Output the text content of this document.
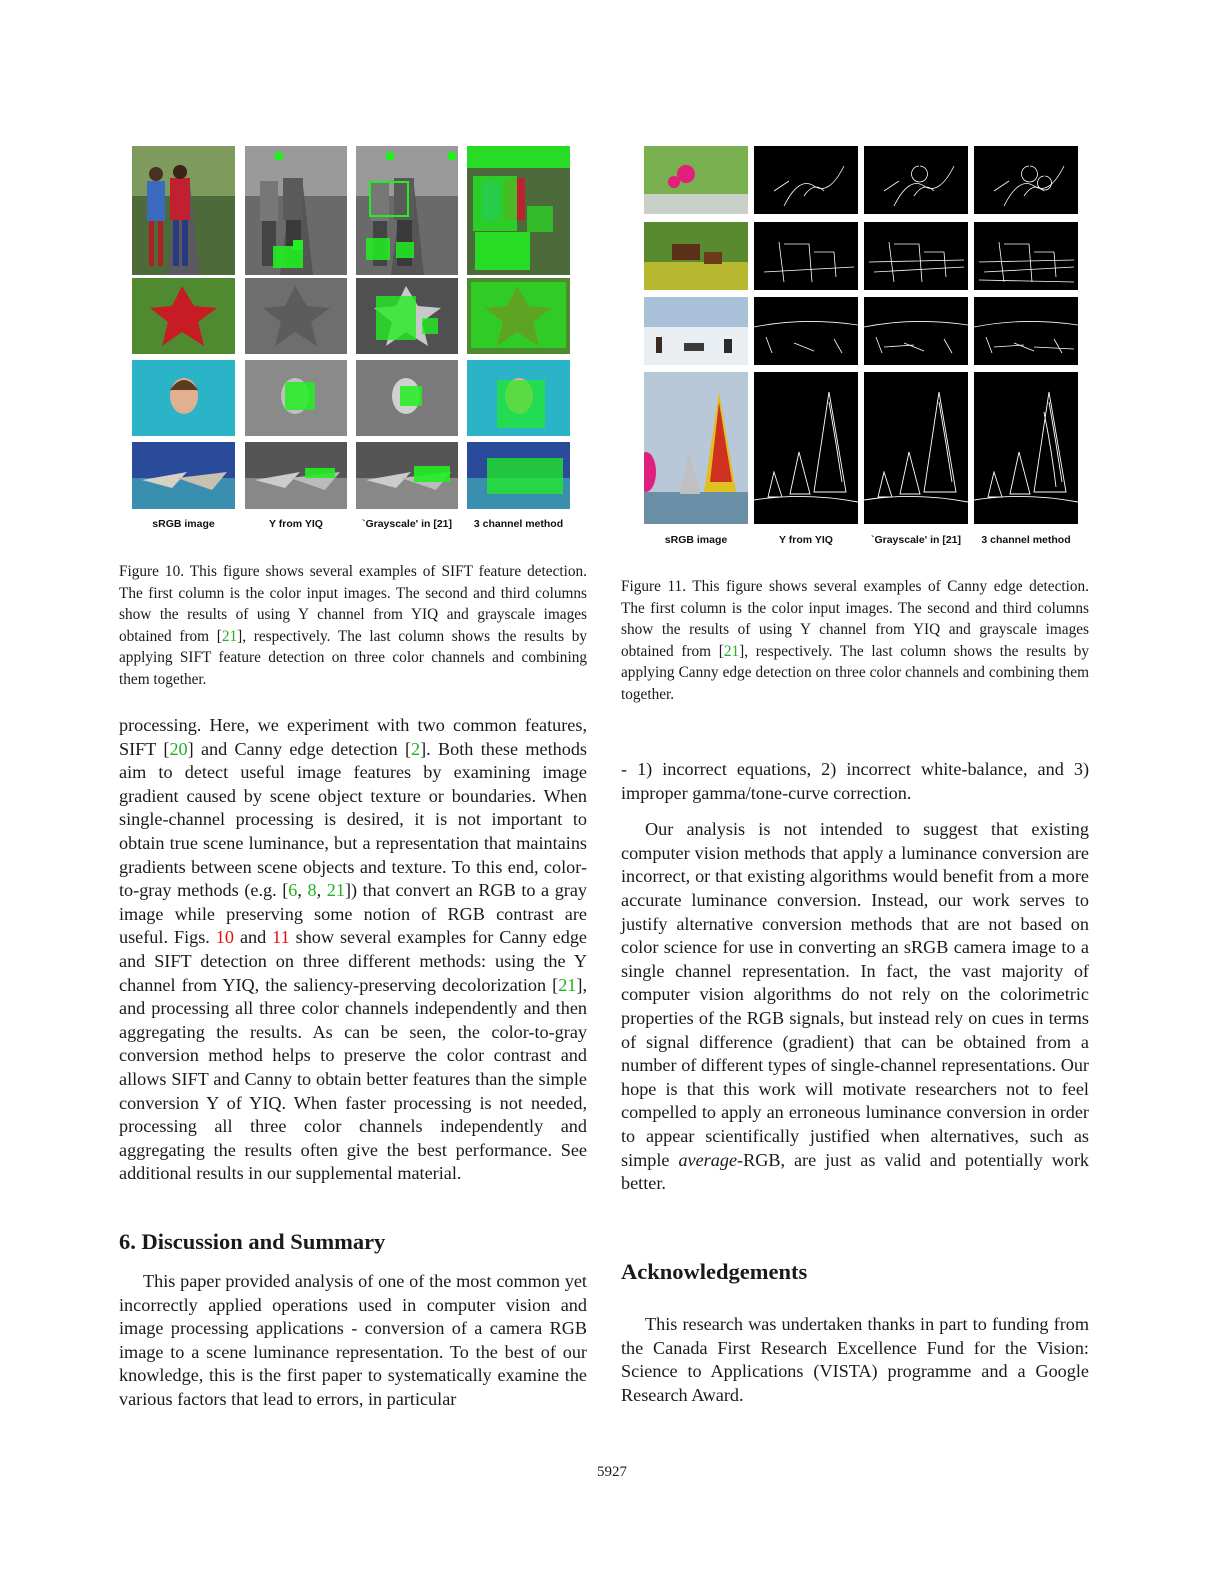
sRGB image	Y from YIQ	`Grayscale' in [21]	3 channel method
sRGB image	Y from YIQ	`Grayscale' in [21]	3 channel method
Figure 10. This figure shows several examples of SIFT feature detection. The first column is the color input images. The second and third columns show the results of using Y channel from YIQ and grayscale images obtained from [21], respectively. The last column shows the results by applying SIFT feature detection on three color channels and combining them together.

processing. Here, we experiment with two common features, SIFT [20] and Canny edge detection [2]. Both these methods aim to detect useful image features by examining image gradient caused by scene object texture or boundaries. When single-channel processing is desired, it is not important to obtain true scene luminance, but a representation that maintains gradients between scene objects and texture. To this end, color-to-gray methods (e.g. [6, 8, 21]) that convert an RGB to a gray image while preserving some notion of RGB contrast are useful. Figs. 10 and 11 show several examples for Canny edge and SIFT detection on three different methods: using the Y channel from YIQ, the saliency-preserving decolorization [21], and processing all three color channels independently and then aggregating the results. As can be seen, the color-to-gray conversion method helps to preserve the color contrast and allows SIFT and Canny to obtain better features than the simple conversion Y of YIQ. When faster processing is not needed, processing all three color channels independently and aggregating the results often give the best performance. See additional results in our supplemental material.

6. Discussion and Summary

This paper provided analysis of one of the most common yet incorrectly applied operations used in computer vision and image processing applications - conversion of a camera RGB image to a scene luminance representation. To the best of our knowledge, this is the first paper to systematically examine the various factors that lead to errors, in particular

Figure 11. This figure shows several examples of Canny edge detection. The first column is the color input images. The second and third columns show the results of using Y channel from YIQ and grayscale images obtained from [21], respectively. The last column shows the results by applying Canny edge detection on three color channels and combining them together.

- 1) incorrect equations, 2) incorrect white-balance, and 3) improper gamma/tone-curve correction.

Our analysis is not intended to suggest that existing computer vision methods that apply a luminance conversion are incorrect, or that existing algorithms would benefit from a more accurate luminance conversion. Instead, our work serves to justify alternative conversion methods that are not based on color science for use in converting an sRGB camera image to a single channel representation. In fact, the vast majority of computer vision algorithms do not rely on the colorimetric properties of the RGB signals, but instead rely on cues in terms of signal difference (gradient) that can be obtained from a number of different types of single-channel representations. Our hope is that this work will motivate researchers not to feel compelled to apply an erroneous luminance conversion in order to appear scientifically justified when alternatives, such as simple average-RGB, are just as valid and potentially work better.

Acknowledgements

This research was undertaken thanks in part to funding from the Canada First Research Excellence Fund for the Vision: Science to Applications (VISTA) programme and a Google Research Award.

5927
